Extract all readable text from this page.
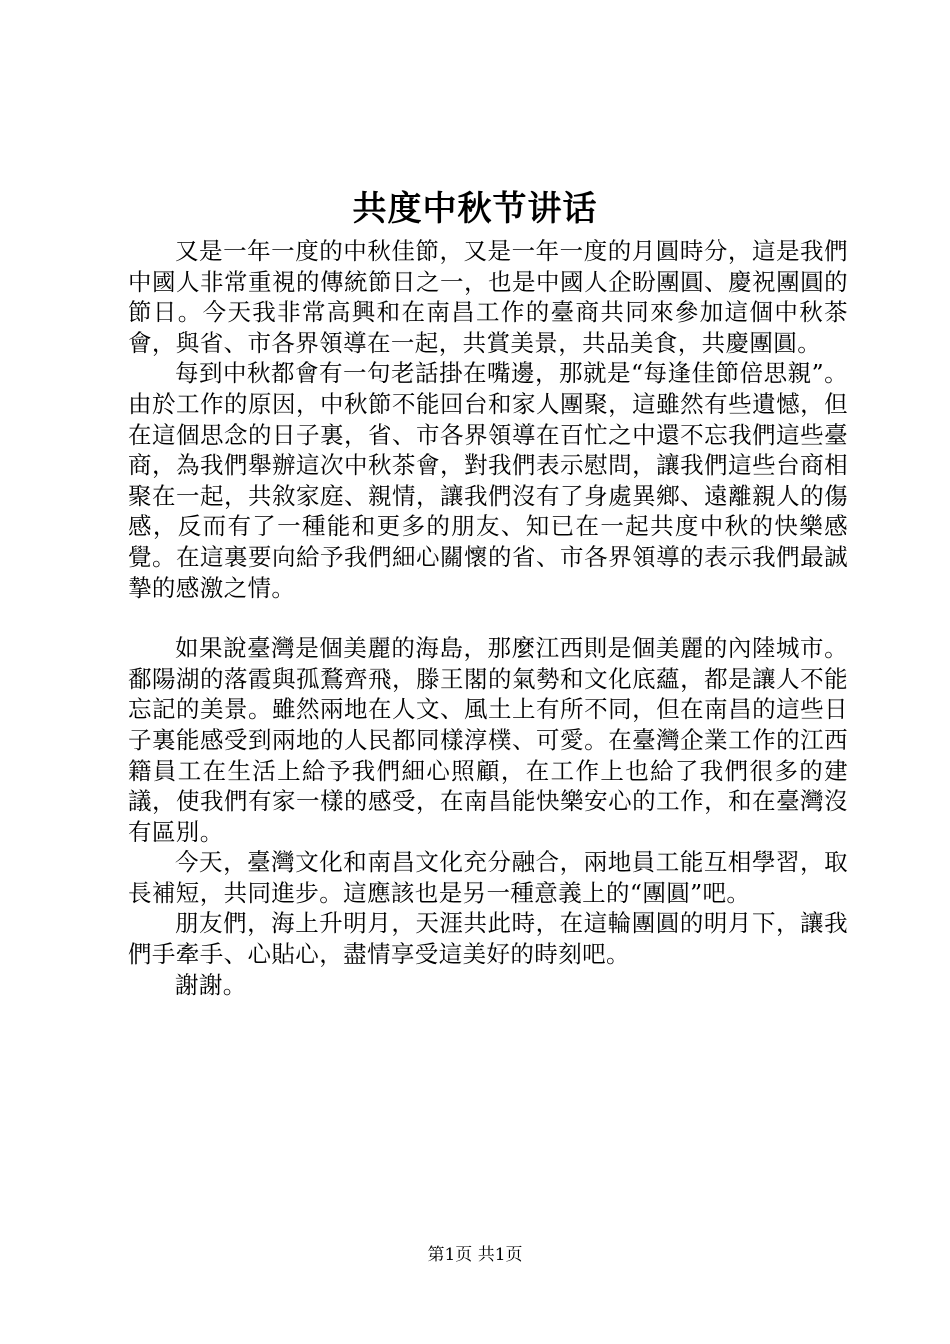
共度中秋节讲话

又是一年一度的中秋佳節，又是一年一度的月圓時分，這是我們中國人非常重視的傳統節日之一，也是中國人企盼團圓、慶祝團圓的節日。今天我非常高興和在南昌工作的臺商共同來參加這個中秋茶會，與省、市各界領導在一起，共賞美景，共品美食，共慶團圓。

每到中秋都會有一句老話掛在嘴邊，那就是“每逢佳節倍思親”。由於工作的原因，中秋節不能回台和家人團聚，這雖然有些遺憾，但在這個思念的日子裏，省、市各界領導在百忙之中還不忘我們這些臺商，為我們舉辦這次中秋茶會，對我們表示慰問，讓我們這些台商相聚在一起，共敘家庭、親情，讓我們沒有了身處異鄉、遠離親人的傷感，反而有了一種能和更多的朋友、知已在一起共度中秋的快樂感覺。在這裏要向給予我們細心關懷的省、市各界領導的表示我們最誠摯的感激之情。

如果說臺灣是個美麗的海島，那麼江西則是個美麗的內陸城市。鄱陽湖的落霞與孤鶩齊飛，滕王閣的氣勢和文化底蘊，都是讓人不能忘記的美景。雖然兩地在人文、風土上有所不同，但在南昌的這些日子裏能感受到兩地的人民都同樣淳樸、可愛。在臺灣企業工作的江西籍員工在生活上給予我們細心照顧，在工作上也給了我們很多的建議，使我們有家一樣的感受，在南昌能快樂安心的工作，和在臺灣沒有區別。

今天，臺灣文化和南昌文化充分融合，兩地員工能互相學習，取長補短，共同進步。這應該也是另一種意義上的“團圓”吧。

朋友們，海上升明月，天涯共此時，在這輪團圓的明月下，讓我們手牽手、心貼心，盡情享受這美好的時刻吧。

謝謝。

第1页 共1页
